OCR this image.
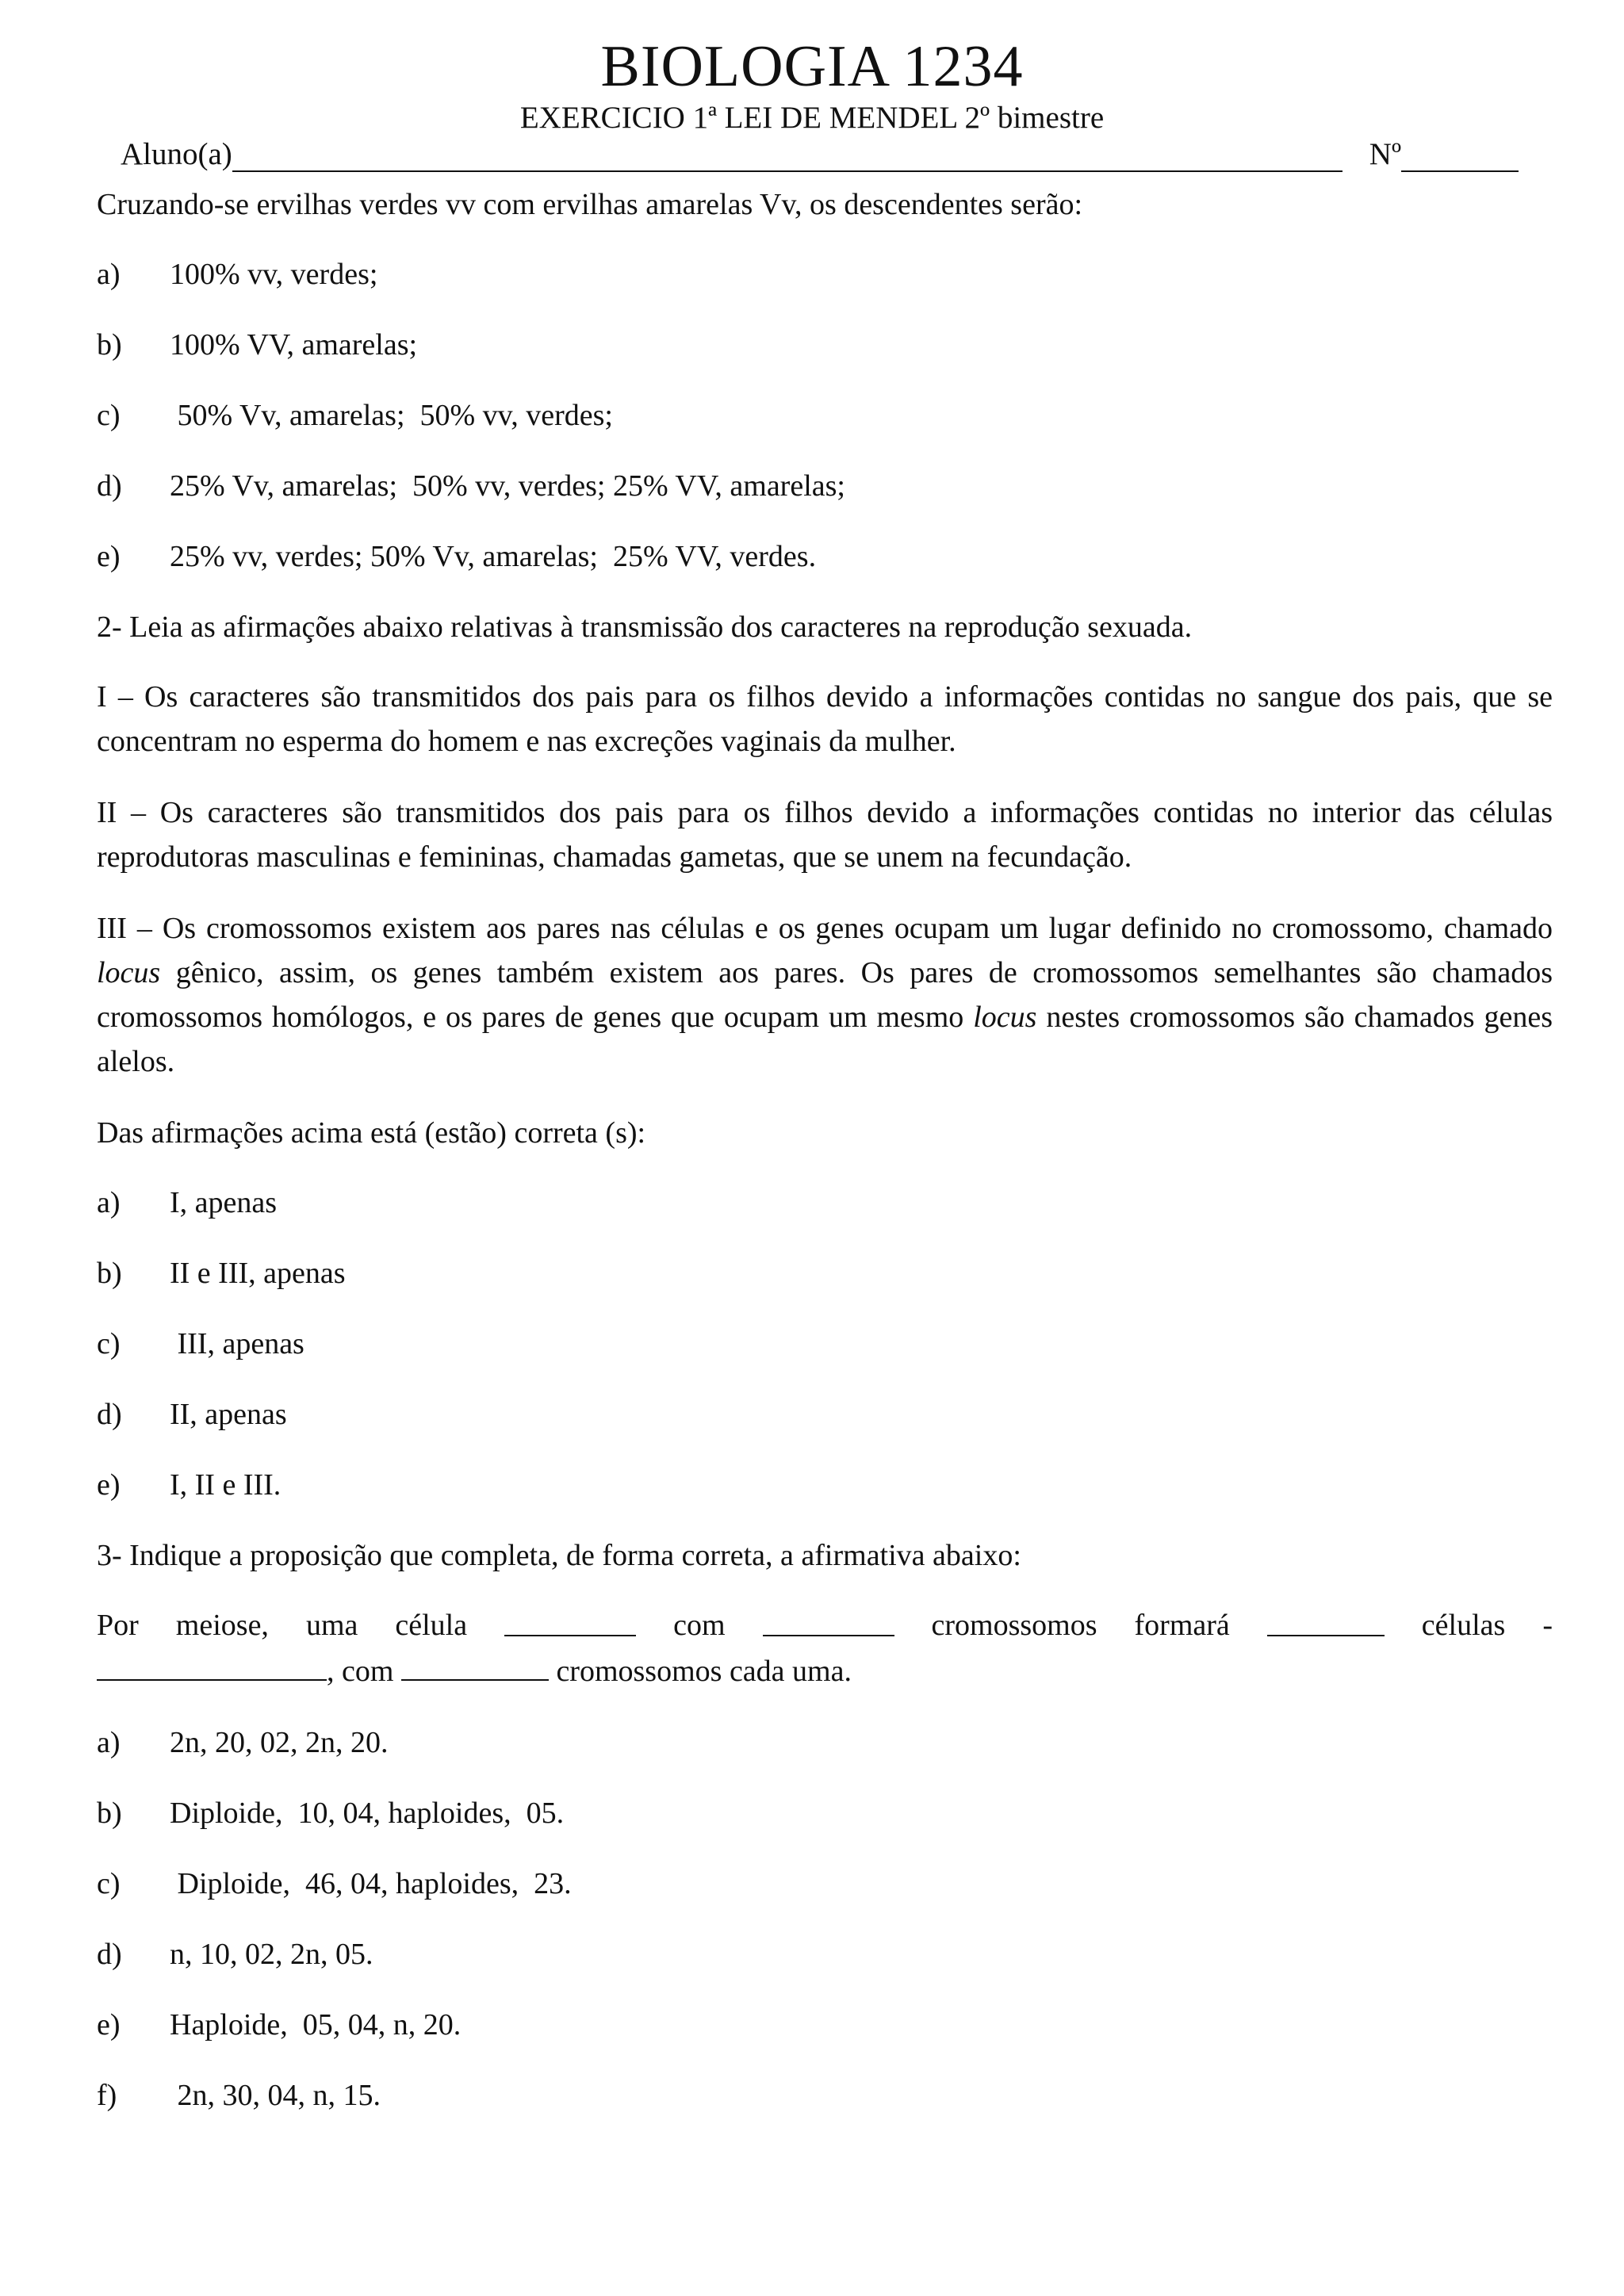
BIOLOGIA 1234
EXERCICIO 1ª LEI DE MENDEL 2º bimestre
Aluno(a)	Nº

Cruzando-se ervilhas verdes vv com ervilhas amarelas Vv, os descendentes serão:

a)	100% vv, verdes;

b)	100% VV, amarelas;

c)	50% Vv, amarelas;  50% vv, verdes;

d)	25% Vv, amarelas;  50% vv, verdes; 25% VV, amarelas;

e)	25% vv, verdes; 50% Vv, amarelas;  25% VV, verdes.

2- Leia as afirmações abaixo relativas à transmissão dos caracteres na reprodução sexuada.

I – Os caracteres são transmitidos dos pais para os filhos devido a informações contidas no sangue dos pais, que se concentram no esperma do homem e nas excreções vaginais da mulher.

II – Os caracteres são transmitidos dos pais para os filhos devido a informações contidas no interior das células reprodutoras masculinas e femininas, chamadas gametas, que se unem na fecundação.

III – Os cromossomos existem aos pares nas células e os genes ocupam um lugar definido no cromossomo, chamado locus gênico, assim, os genes também existem aos pares. Os pares de cromossomos semelhantes são chamados cromossomos homólogos, e os pares de genes que ocupam um mesmo locus nestes cromossomos são chamados genes alelos.

Das afirmações acima está (estão) correta (s):

a)	I, apenas

b)	II e III, apenas

c)	III, apenas

d)	II, apenas

e)	I, II e III.

3- Indique a proposição que completa, de forma correta, a afirmativa abaixo:

Por meiose, uma célula	com	cromossomos formará	células -
, com	cromossomos cada uma.

a)	2n, 20, 02, 2n, 20.

b)	Diploide,  10, 04, haploides,  05.

c)	Diploide,  46, 04, haploides,  23.

d)	n, 10, 02, 2n, 05.

e)	Haploide,  05, 04, n, 20.

f)	2n, 30, 04, n, 15.
